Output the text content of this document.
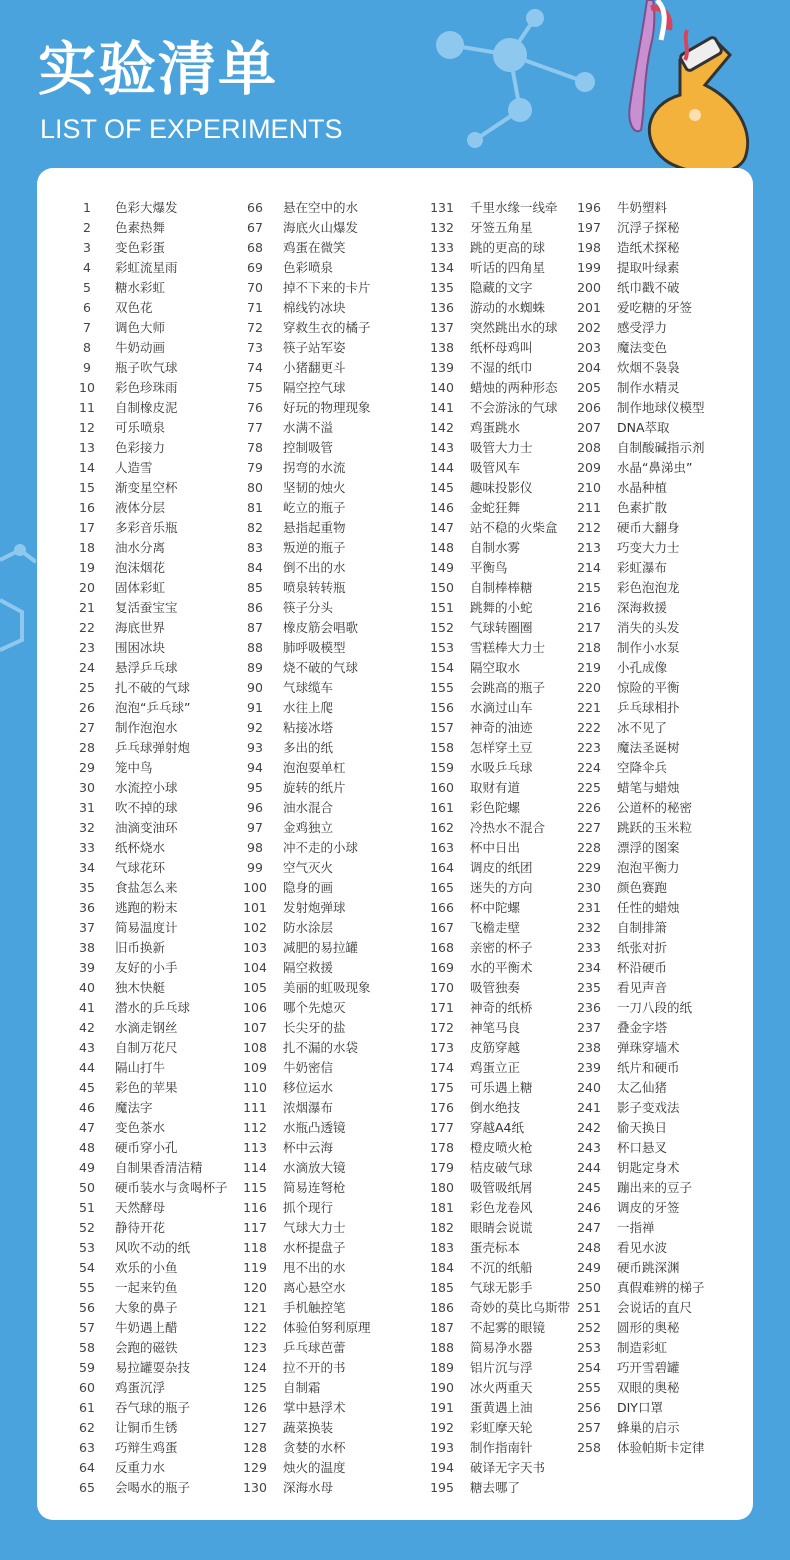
实验清单
LIST OF EXPERIMENTS
1	色彩大爆发
2	色素热舞
3	变色彩蛋
4	彩虹流星雨
5	糖水彩虹
6	双色花
7	调色大师
8	牛奶动画
9	瓶子吹气球
10	彩色珍珠雨
11	自制橡皮泥
12	可乐喷泉
13	色彩接力
14	人造雪
15	渐变星空杯
16	液体分层
17	多彩音乐瓶
18	油水分离
19	泡沫烟花
20	固体彩虹
21	复活蚕宝宝
22	海底世界
23	围困冰块
24	悬浮乒乓球
25	扎不破的气球
26	泡泡“乒乓球”
27	制作泡泡水
28	乒乓球弹射炮
29	笼中鸟
30	水流控小球
31	吹不掉的球
32	油滴变油环
33	纸杯烧水
34	气球花环
35	食盐怎么来
36	逃跑的粉末
37	简易温度计
38	旧币换新
39	友好的小手
40	独木快艇
41	潜水的乒乓球
42	水滴走钢丝
43	自制万花尺
44	隔山打牛
45	彩色的苹果
46	魔法字
47	变色茶水
48	硬币穿小孔
49	自制果香清洁精
50	硬币装水与贪喝杯子
51	天然酵母
52	静待开花
53	风吹不动的纸
54	欢乐的小鱼
55	一起来钓鱼
56	大象的鼻子
57	牛奶遇上醋
58	会跑的磁铁
59	易拉罐耍杂技
60	鸡蛋沉浮
61	吞气球的瓶子
62	让铜币生锈
63	巧辩生鸡蛋
64	反重力水
65	会喝水的瓶子
66	悬在空中的水
67	海底火山爆发
68	鸡蛋在微笑
69	色彩喷泉
70	掉不下来的卡片
71	棉线钓冰块
72	穿救生衣的橘子
73	筷子站军姿
74	小猪翻更斗
75	隔空控气球
76	好玩的物理现象
77	水满不溢
78	控制吸管
79	拐弯的水流
80	坚韧的烛火
81	屹立的瓶子
82	悬指起重物
83	叛逆的瓶子
84	倒不出的水
85	喷泉转转瓶
86	筷子分头
87	橡皮筋会唱歌
88	肺呼吸模型
89	烧不破的气球
90	气球缆车
91	水往上爬
92	粘接冰塔
93	多出的纸
94	泡泡耍单杠
95	旋转的纸片
96	油水混合
97	金鸡独立
98	冲不走的小球
99	空气灭火
100	隐身的画
101	发射炮弹球
102	防水涂层
103	减肥的易拉罐
104	隔空救援
105	美丽的虹吸现象
106	哪个先熄灭
107	长尖牙的盐
108	扎不漏的水袋
109	牛奶密信
110	移位运水
111	浓烟瀑布
112	水瓶凸透镜
113	杯中云海
114	水滴放大镜
115	简易连弩枪
116	抓个现行
117	气球大力士
118	水杯提盘子
119	甩不出的水
120	离心悬空水
121	手机触控笔
122	体验伯努利原理
123	乒乓球芭蕾
124	拉不开的书
125	自制霜
126	掌中悬浮术
127	蔬菜换装
128	贪婪的水杯
129	烛火的温度
130	深海水母
131	千里水缘一线牵
132	牙签五角星
133	跳的更高的球
134	听话的四角星
135	隐藏的文字
136	游动的水蜘蛛
137	突然跳出水的球
138	纸杯母鸡叫
139	不湿的纸巾
140	蜡烛的两种形态
141	不会游泳的气球
142	鸡蛋跳水
143	吸管大力士
144	吸管风车
145	趣味投影仪
146	金蛇狂舞
147	站不稳的火柴盒
148	自制水雾
149	平衡鸟
150	自制棒棒糖
151	跳舞的小蛇
152	气球转圈圈
153	雪糕棒大力士
154	隔空取水
155	会跳高的瓶子
156	水滴过山车
157	神奇的油迹
158	怎样穿土豆
159	水吸乒乓球
160	取财有道
161	彩色陀螺
162	冷热水不混合
163	杯中日出
164	调皮的纸团
165	迷失的方向
166	杯中陀螺
167	飞檐走壁
168	亲密的杯子
169	水的平衡术
170	吸管独奏
171	神奇的纸桥
172	神笔马良
173	皮筋穿越
174	鸡蛋立正
175	可乐遇上糖
176	倒水绝技
177	穿越A4纸
178	橙皮喷火枪
179	桔皮破气球
180	吸管吸纸屑
181	彩色龙卷风
182	眼睛会说谎
183	蛋壳标本
184	不沉的纸船
185	气球无影手
186	奇妙的莫比乌斯带
187	不起雾的眼镜
188	简易净水器
189	铝片沉与浮
190	冰火两重天
191	蛋黄遇上油
192	彩虹摩天轮
193	制作指南针
194	破译无字天书
195	糖去哪了
196	牛奶塑料
197	沉浮子探秘
198	造纸术探秘
199	提取叶绿素
200	纸巾戳不破
201	爱吃糖的牙签
202	感受浮力
203	魔法变色
204	炊烟不袅袅
205	制作水精灵
206	制作地球仪模型
207	DNA萃取
208	自制酸碱指示剂
209	水晶“鼻涕虫”
210	水晶种植
211	色素扩散
212	硬币大翻身
213	巧变大力士
214	彩虹瀑布
215	彩色泡泡龙
216	深海救援
217	消失的头发
218	制作小水泵
219	小孔成像
220	惊险的平衡
221	乒乓球相扑
222	冰不见了
223	魔法圣诞树
224	空降伞兵
225	蜡笔与蜡烛
226	公道杯的秘密
227	跳跃的玉米粒
228	漂浮的图案
229	泡泡平衡力
230	颜色赛跑
231	任性的蜡烛
232	自制排箫
233	纸张对折
234	杯沿硬币
235	看见声音
236	一刀八段的纸
237	叠金字塔
238	弹珠穿墙术
239	纸片和硬币
240	太乙仙猪
241	影子变戏法
242	偷天换日
243	杯口悬叉
244	钥匙定身术
245	蹦出来的豆子
246	调皮的牙签
247	一指禅
248	看见水波
249	硬币跳深渊
250	真假难辨的梯子
251	会说话的直尺
252	圆形的奥秘
253	制造彩虹
254	巧开雪碧罐
255	双眼的奥秘
256	DIY口罩
257	蜂巢的启示
258	体验帕斯卡定律
